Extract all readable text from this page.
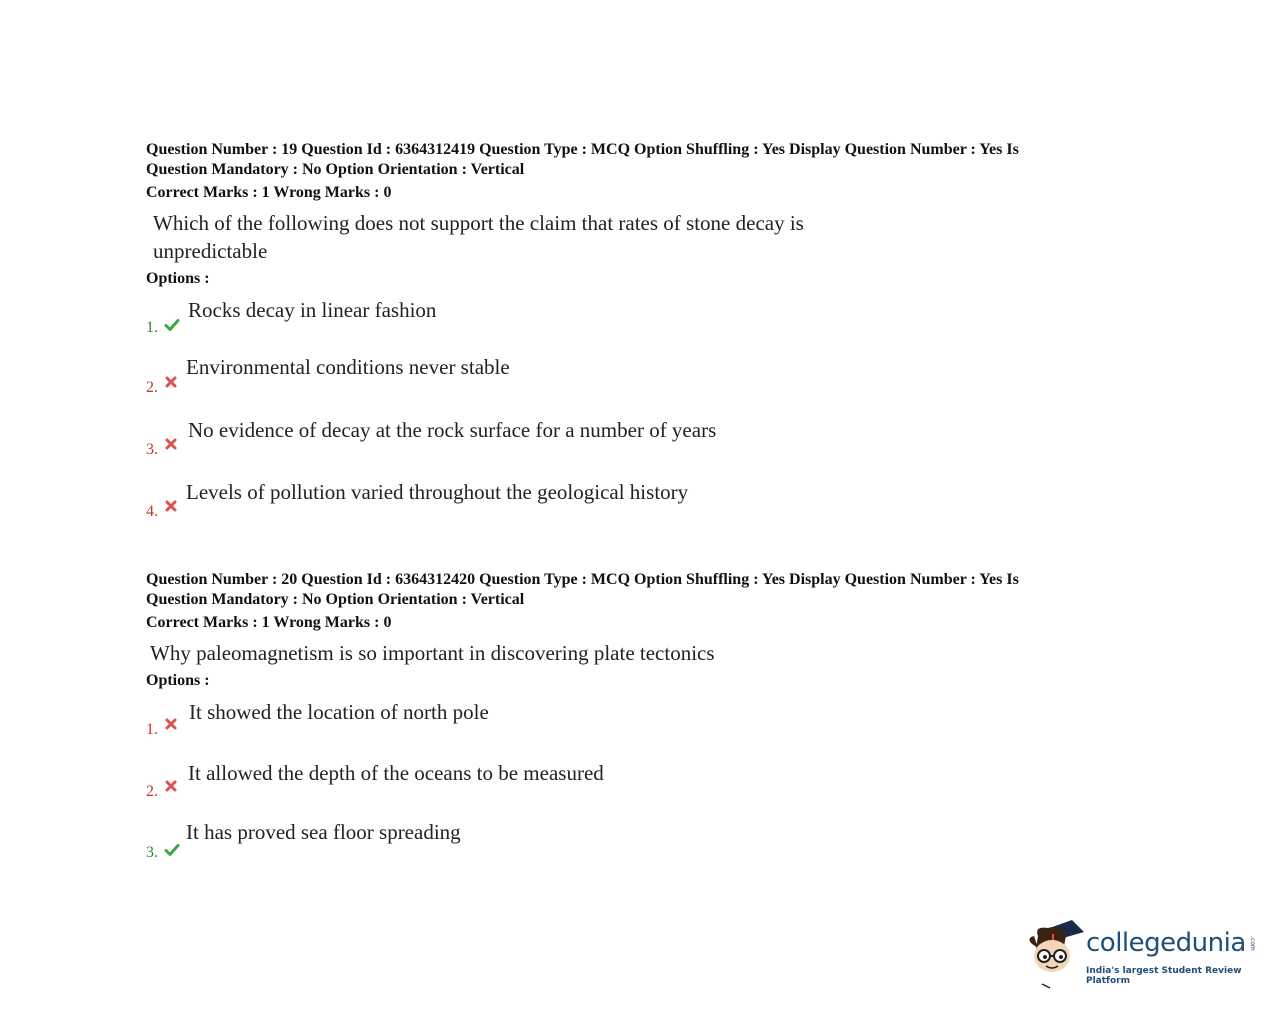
Question Number : 19 Question Id : 6364312419 Question Type : MCQ Option Shuffling : Yes Display Question Number : Yes Is
Question Mandatory : No Option Orientation : Vertical
Correct Marks : 1 Wrong Marks : 0
Which of the following does not support the claim that rates of stone decay is unpredictable
Options :
1.
Rocks decay in linear fashion
2.
Environmental conditions never stable
3.
No evidence of decay at the rock surface for a number of years
4.
Levels of pollution varied throughout the geological history
Question Number : 20 Question Id : 6364312420 Question Type : MCQ Option Shuffling : Yes Display Question Number : Yes Is
Question Mandatory : No Option Orientation : Vertical
Correct Marks : 1 Wrong Marks : 0
Why paleomagnetism is so important in discovering plate tectonics
Options :
1.
It showed the location of north pole
2.
It allowed the depth of the oceans to be measured
3.
It has proved sea floor spreading
collegedunia .com
India's largest Student Review Platform
